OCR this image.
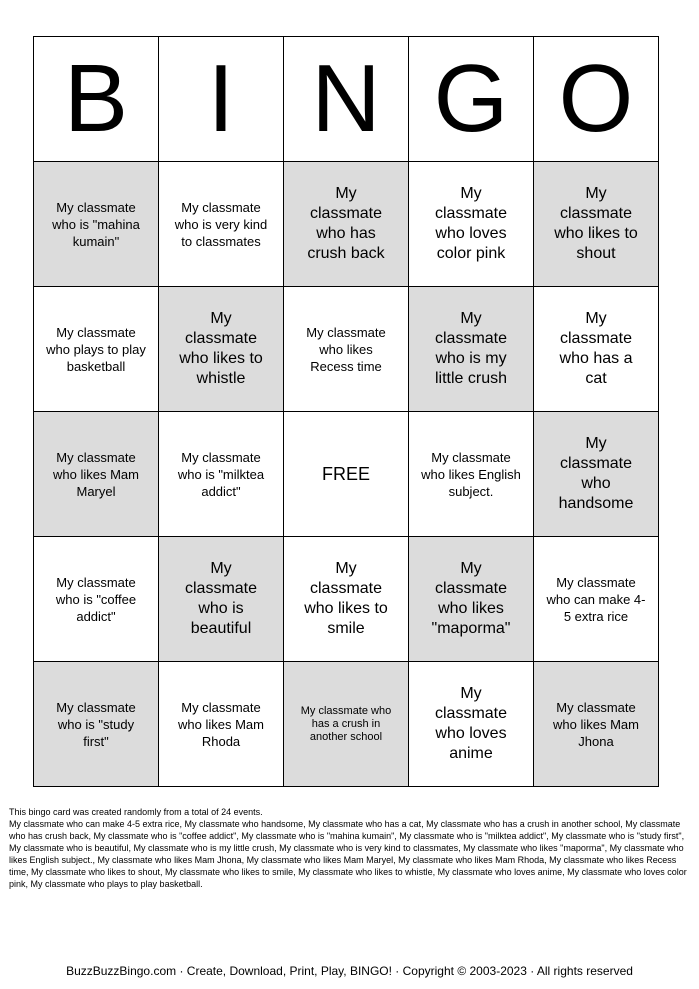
B	I	N	G	O
My classmate who is "mahina kumain"	My classmate who is very kind to classmates	My classmate who has crush back	My classmate who loves color pink	My classmate who likes to shout
My classmate who plays to play basketball	My classmate who likes to whistle	My classmate who likes Recess time	My classmate who is my little crush	My classmate who has a cat
My classmate who likes Mam Maryel	My classmate who is "milktea addict"	FREE	My classmate who likes English subject.	My classmate who handsome
My classmate who is "coffee addict"	My classmate who is beautiful	My classmate who likes to smile	My classmate who likes "maporma"	My classmate who can make 4-5 extra rice
My classmate who is "study first"	My classmate who likes Mam Rhoda	My classmate who has a crush in another school	My classmate who loves anime	My classmate who likes Mam Jhona

This bingo card was created randomly from a total of 24 events.

My classmate who can make 4-5 extra rice, My classmate who handsome, My classmate who has a cat, My classmate who has a crush in another school, My classmate who has crush back, My classmate who is "coffee addict", My classmate who is "mahina kumain", My classmate who is "milktea addict", My classmate who is "study first", My classmate who is beautiful, My classmate who is my little crush, My classmate who is very kind to classmates, My classmate who likes "maporma", My classmate who likes English subject., My classmate who likes Mam Jhona, My classmate who likes Mam Maryel, My classmate who likes Mam Rhoda, My classmate who likes Recess time, My classmate who likes to shout, My classmate who likes to smile, My classmate who likes to whistle, My classmate who loves anime, My classmate who loves color pink, My classmate who plays to play basketball.

BuzzBuzzBingo.com · Create, Download, Print, Play, BINGO! · Copyright © 2003-2023 · All rights reserved
